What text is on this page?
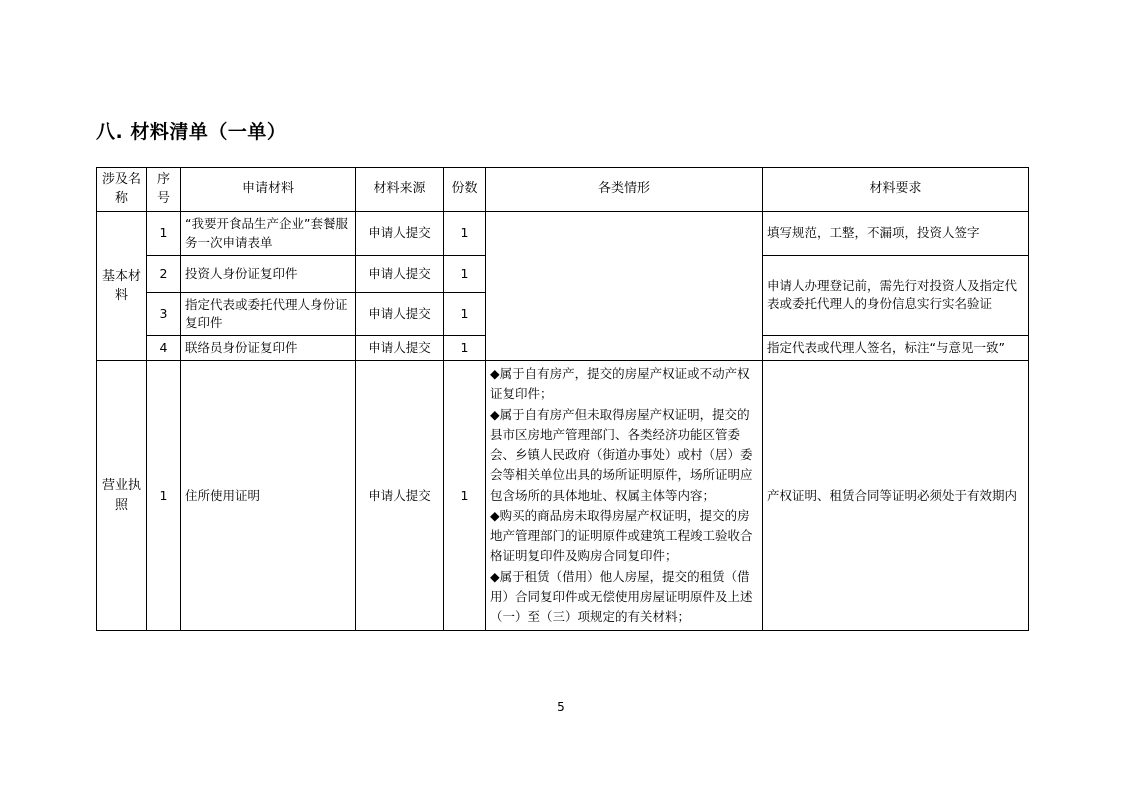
八. 材料清单（一单）
涉及名称	序号	申请材料	材料来源	份数	各类情形	材料要求
基本材料	1	“我要开食品生产企业”套餐服务一次申请表单	申请人提交	1		填写规范，工整，不漏项，投资人签字
	2	投资人身份证复印件	申请人提交	1		申请人办理登记前，需先行对投资人及指定代表或委托代理人的身份信息实行实名验证
	3	指定代表或委托代理人身份证复印件	申请人提交	1		
	4	联络员身份证复印件	申请人提交	1		指定代表或代理人签名，标注“与意见一致”
营业执照	1	住所使用证明	申请人提交	1	◆属于自有房产，提交的房屋产权证或不动产权证复印件；
◆属于自有房产但未取得房屋产权证明，提交的县市区房地产管理部门、各类经济功能区管委会、乡镇人民政府（街道办事处）或村（居）委会等相关单位出具的场所证明原件，场所证明应包含场所的具体地址、权属主体等内容；
◆购买的商品房未取得房屋产权证明，提交的房地产管理部门的证明原件或建筑工程竣工验收合格证明复印件及购房合同复印件；
◆属于租赁（借用）他人房屋，提交的租赁（借用）合同复印件或无偿使用房屋证明原件及上述（一）至（三）项规定的有关材料；	产权证明、租赁合同等证明必须处于有效期内
5
